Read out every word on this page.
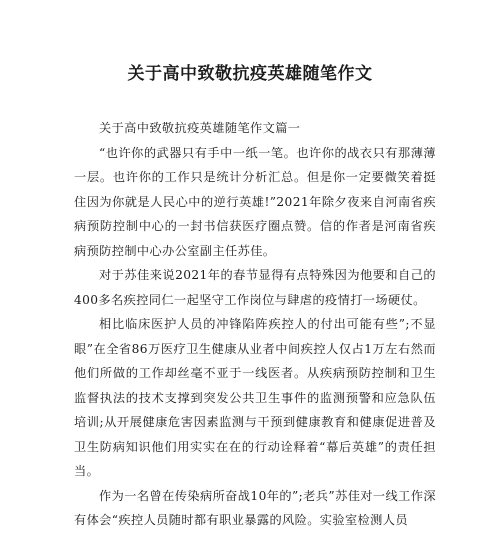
关于高中致敬抗疫英雄随笔作文

关于高中致敬抗疫英雄随笔作文篇一

“也许你的武器只有手中一纸一笔。也许你的战衣只有那薄薄一层。也许你的工作只是统计分析汇总。但是你一定要微笑着挺住因为你就是人民心中的逆行英雄!”2021年除夕夜来自河南省疾病预防控制中心的一封书信获医疗圈点赞。信的作者是河南省疾病预防控制中心办公室副主任苏佳。

对于苏佳来说2021年的春节显得有点特殊因为他要和自己的400多名疾控同仁一起坚守工作岗位与肆虐的疫情打一场硬仗。

相比临床医护人员的冲锋陷阵疾控人的付出可能有些”;不显眼”在全省86万医疗卫生健康从业者中间疾控人仅占1万左右然而他们所做的工作却丝毫不亚于一线医者。从疾病预防控制和卫生监督执法的技术支撑到突发公共卫生事件的监测预警和应急队伍培训;从开展健康危害因素监测与干预到健康教育和健康促进普及卫生防病知识他们用实实在在的行动诠释着“幕后英雄”的责任担当。

作为一名曾在传染病所奋战10年的”;老兵”苏佳对一线工作深有体会“疾控人员随时都有职业暴露的风险。实验室检测人员
